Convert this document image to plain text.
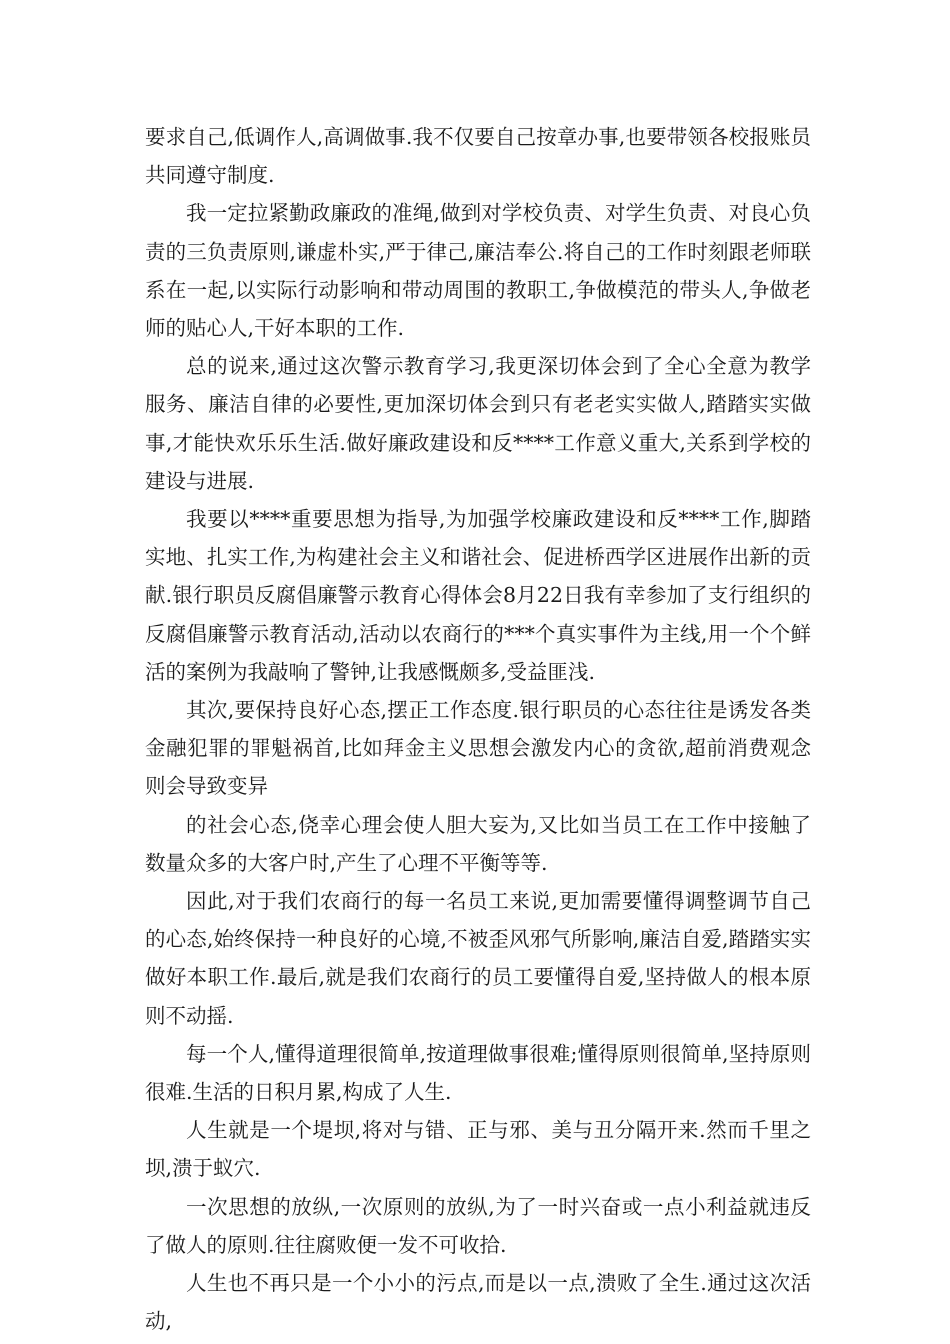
要求自己,低调作人,高调做事.我不仅要自己按章办事,也要带领各校报账员共同遵守制度.

我一定拉紧勤政廉政的准绳,做到对学校负责、对学生负责、对良心负责的三负责原则,谦虚朴实,严于律己,廉洁奉公.将自己的工作时刻跟老师联系在一起,以实际行动影响和带动周围的教职工,争做模范的带头人,争做老师的贴心人,干好本职的工作.

总的说来,通过这次警示教育学习,我更深切体会到了全心全意为教学服务、廉洁自律的必要性,更加深切体会到只有老老实实做人,踏踏实实做事,才能快欢乐乐生活.做好廉政建设和反****工作意义重大,关系到学校的建设与进展.

我要以****重要思想为指导,为加强学校廉政建设和反****工作,脚踏实地、扎实工作,为构建社会主义和谐社会、促进桥西学区进展作出新的贡献.银行职员反腐倡廉警示教育心得体会8月22日我有幸参加了支行组织的反腐倡廉警示教育活动,活动以农商行的***个真实事件为主线,用一个个鲜活的案例为我敲响了警钟,让我感慨颇多,受益匪浅.

其次,要保持良好心态,摆正工作态度.银行职员的心态往往是诱发各类金融犯罪的罪魁祸首,比如拜金主义思想会激发内心的贪欲,超前消费观念则会导致变异

的社会心态,侥幸心理会使人胆大妄为,又比如当员工在工作中接触了数量众多的大客户时,产生了心理不平衡等等.

因此,对于我们农商行的每一名员工来说,更加需要懂得调整调节自己的心态,始终保持一种良好的心境,不被歪风邪气所影响,廉洁自爱,踏踏实实做好本职工作.最后,就是我们农商行的员工要懂得自爱,坚持做人的根本原则不动摇.

每一个人,懂得道理很简单,按道理做事很难;懂得原则很简单,坚持原则很难.生活的日积月累,构成了人生.

人生就是一个堤坝,将对与错、正与邪、美与丑分隔开来.然而千里之坝,溃于蚁穴.

一次思想的放纵,一次原则的放纵,为了一时兴奋或一点小利益就违反了做人的原则.往往腐败便一发不可收拾.

人生也不再只是一个小小的污点,而是以一点,溃败了全生.通过这次活动,
